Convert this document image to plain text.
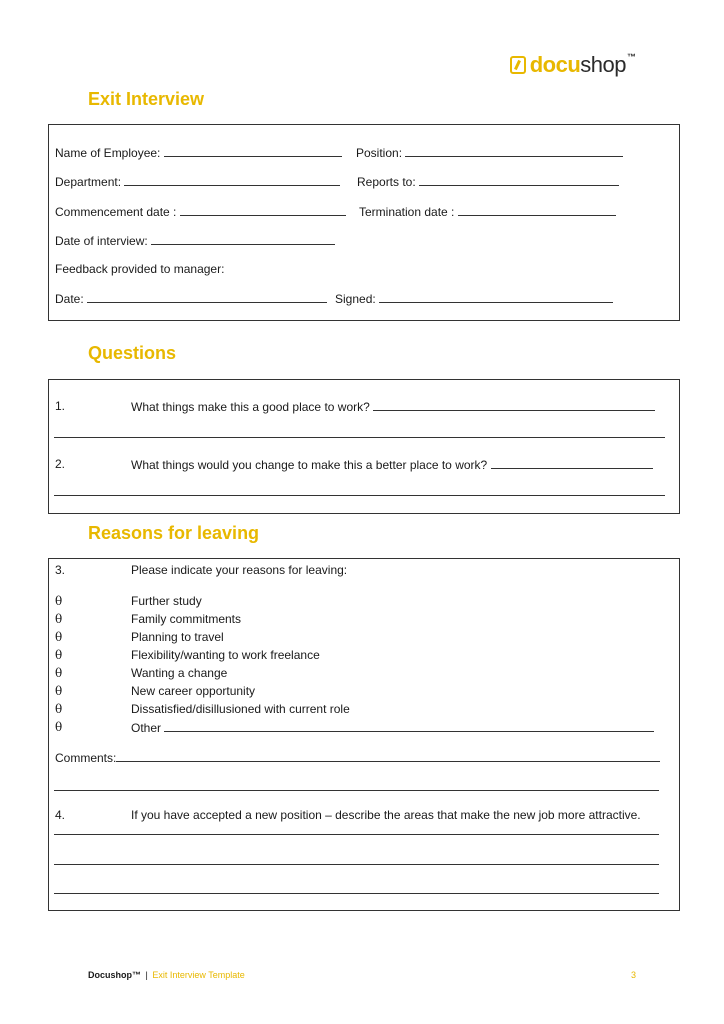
docu shop ™
Exit Interview
Name of Employee:	Position:
Department:	Reports to:
Commencement date :	Termination date :
Date of interview:
Feedback provided to manager:
Date:	Signed:
Questions
1.	What things make this a good place to work?
2.	What things would you change to make this a better place to work?
Reasons for leaving
3.	Please indicate your reasons for leaving:
θ	Further study
θ	Family commitments
θ	Planning to travel
θ	Flexibility/wanting to work freelance
θ	Wanting a change
θ	New career opportunity
θ	Dissatisfied/disillusioned with current role
θ	Other
Comments:
4.	If you have accepted a new position – describe the areas that make the new job more attractive.
Docushop™ | Exit Interview Template	3
